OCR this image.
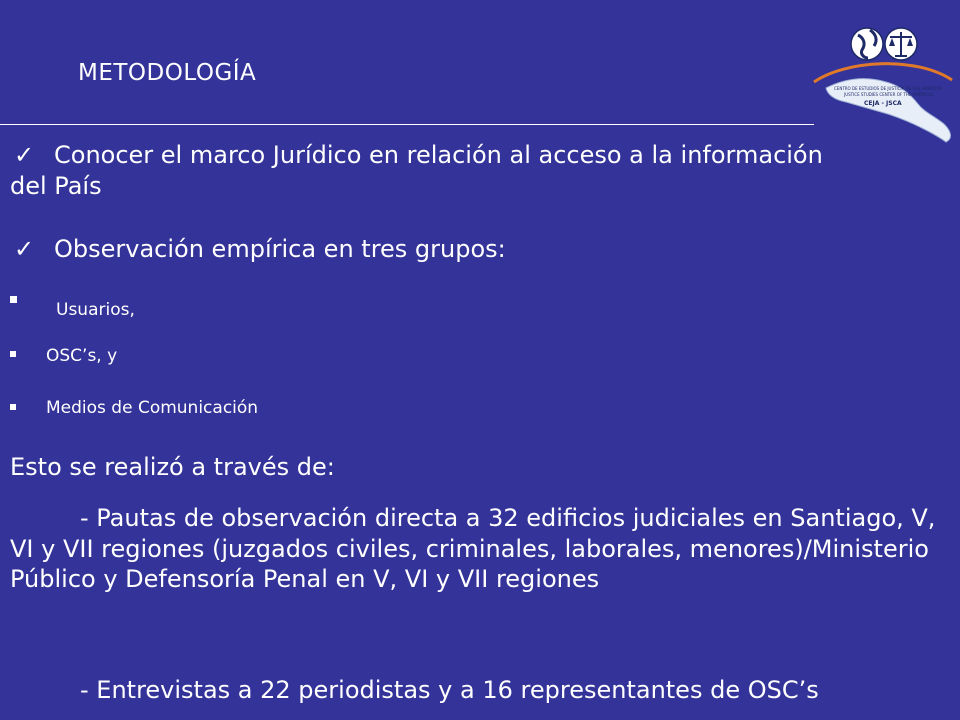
METODOLOGÍA
CENTRO DE ESTUDIOS DE JUSTICIA DE LAS AMÉRICAS
JUSTICE STUDIES CENTER OF THE AMERICAS
CEJA - JSCA
✓ Conocer el marco Jurídico en relación al acceso a la información del País
✓ Observación empírica en tres grupos:
Usuarios,
OSC’s, y
Medios de Comunicación
Esto se realizó a través de:
- Pautas de observación directa a 32 edificios judiciales en Santiago, V, VI y VII regiones (juzgados civiles, criminales, laborales, menores)/Ministerio Público y Defensoría Penal en V, VI y VII regiones
- Entrevistas a 22 periodistas y a 16 representantes de OSC’s
